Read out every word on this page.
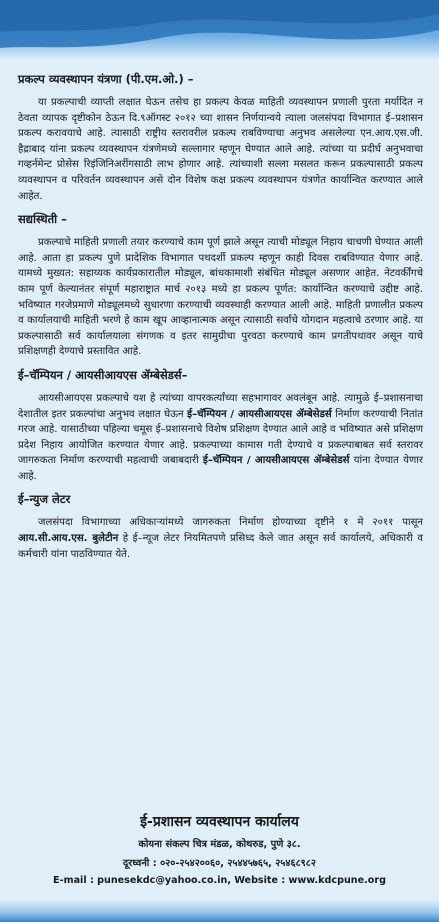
प्रकल्प व्यवस्थापन यंत्रणा (पी.एम.ओ.) –

या प्रकल्पाची व्याप्ती लक्षात घेऊन तसेच हा प्रकल्प केवळ माहिती व्यवस्थापन प्रणाली पुरता मर्यादित न ठेवता व्यापक दृष्टीकोन ठेऊन दि.९ऑगस्ट २०१२ च्या शासन निर्णयान्वये त्याला जलसंपदा विभागात ई–प्रशासन प्रकल्प करावयाचे आहे. त्यासाठी राष्ट्रीय स्तरावरील प्रकल्प राबविण्याचा अनुभव असलेल्या एन.आय.एस.जी. हैद्राबाद यांना प्रकल्प व्यवस्थापन यंत्रणेमध्ये सल्लागार म्हणून घेण्यात आले आहे. त्यांच्या या प्रदीर्घ अनुभवाचा गव्हर्नमेन्ट प्रोसेस रिइंजिनिअरींगसाठी लाभ होणार आहे. त्यांच्याशी सल्ला मसलत करून प्रकल्पासाठी प्रकल्प व्यवस्थापन व परिवर्तन व्यवस्थापन असे दोन विशेष कक्ष प्रकल्प व्यवस्थापन यंत्रणेत कार्यान्वित करण्यात आले आहेत.

सद्यस्थिती –

प्रकल्पाचे माहिती प्रणाली तयार करण्याचे काम पूर्ण झाले असून त्याची मोड्यूल निहाय चाचणी घेण्यात आली आहे. आता हा प्रकल्प पुणे प्रादेशिक विभागात पथदर्शी प्रकल्प म्हणून काही दिवस राबविण्यात येणार आहे. यामध्ये मुख्यत: सहाय्यक कार्यप्रकारातील मोड्यूल, बांधकामाशी संबंधित मोड्यूल असणार आहेत. नेटवर्कींगचे काम पूर्ण केल्यानंतर संपूर्ण महाराष्ट्रात मार्च २०१३ मध्ये हा प्रकल्प पूर्णत: कार्यान्वित करण्याचे उद्दीष्ट आहे. भविष्यात गरजेप्रमाणे मोड्यूलमध्ये सुधारणा करण्याची व्यवस्थाही करण्यात आली आहे. माहिती प्रणालीत प्रकल्प व कार्यालयाची माहिती भरणे हे काम खूप आव्हानात्मक असून त्यासाठी सर्वांचे योगदान महत्वाचे ठरणार आहे. या प्रकल्पासाठी सर्व कार्यालयाला संगणक व इतर सामुग्रीचा पुरवठा करण्याचे काम प्रगतीपथावर असून याचे प्रशिक्षणही देण्याचे प्रस्तावित आहे.

ई–चॅम्पियन / आयसीआयएस ॲम्बेसेडर्स–

आयसीआयएस प्रकल्पाचे यश हे त्यांच्या वापरकर्त्यांच्या सहभागावर अवलंबून आहे. त्यामुळे ई–प्रशासनाचा देशातील इतर प्रकल्पांचा अनुभव लक्षात घेऊन ई–चॅम्पियन / आयसीआयएस ॲम्बेसेडर्स निर्माण करण्याची नितांत गरज आहे. यासाठीच्या पहिल्या चमूस ई–प्रशासनाचे विशेष प्रशिक्षण देण्यात आले आहे व भविष्यात असे प्रशिक्षण प्रदेश निहाय आयोजित करण्यात येणार आहे. प्रकल्पाच्या कामास गती देण्याचे व प्रकल्पाबाबत सर्व स्तरावर जागरुकता निर्माण करण्याची महत्वाची जबाबदारी ई–चॅम्पियन / आयसीआयएस ॲम्बेसेडर्स यांना देण्यात येणार आहे.

ई–न्युज लेटर

जलसंपदा विभागाच्या अधिकाऱ्यांमध्ये जागरुकता निर्माण होण्याच्या दृष्टीने १ मे २०११ पासून आय.सी.आय.एस. बुलेटीन हे ई–न्यूज लेटर नियमितपणे प्रसिध्द केले जात असून सर्व कार्यालये, अधिकारी व कर्मचारी यांना पाठविण्यात येते.

ई-प्रशासन व्यवस्थापन कार्यालय
कोयना संकल्प चित्र मंडळ, कोथरुड, पुणे ३८.
दूरध्वनी : ०२०-२५४२००६०, २५४४५७६५, २५४६८९८२
E-mail : punesekdc@yahoo.co.in, Website : www.kdcpune.org
